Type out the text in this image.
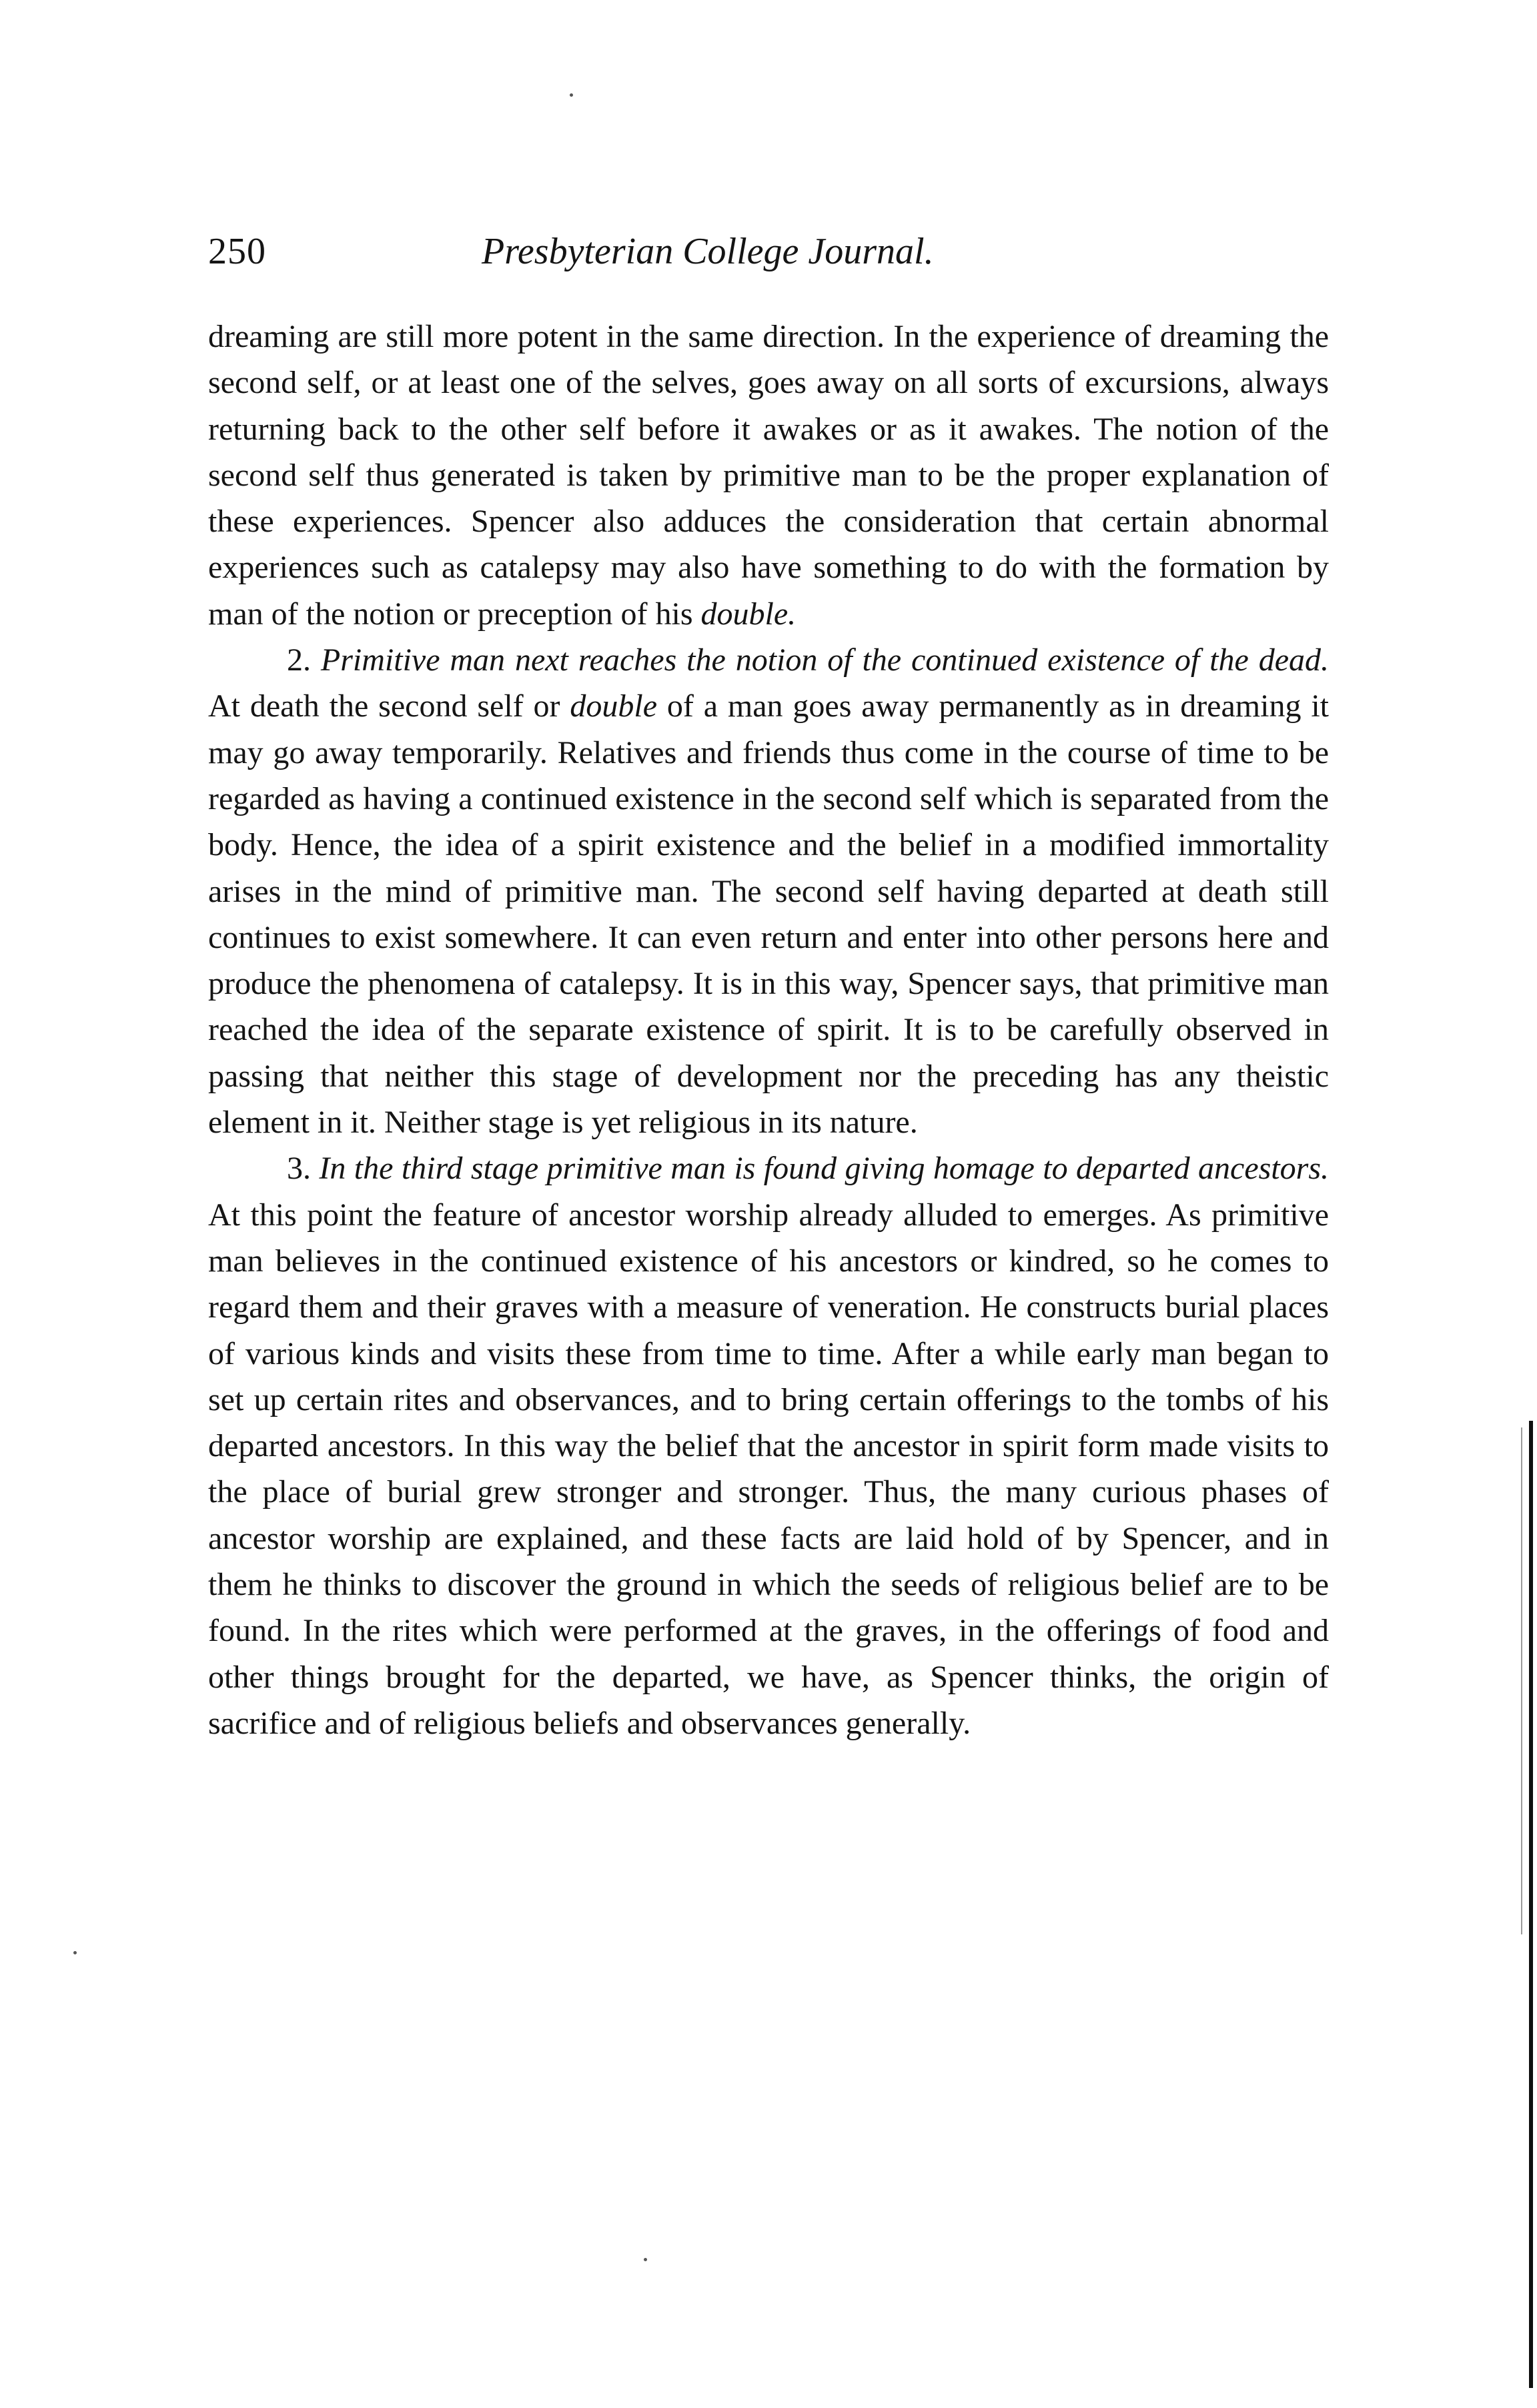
250	Presbyterian College Journal.

dreaming are still more potent in the same direction. In the experience of dreaming the second self, or at least one of the selves, goes away on all sorts of excursions, always returning back to the other self before it awakes or as it awakes. The notion of the second self thus generated is taken by primitive man to be the proper explanation of these experiences. Spencer also adduces the consideration that certain abnormal experiences such as catalepsy may also have something to do with the formation by man of the notion or preception of his double.

2. Primitive man next reaches the notion of the continued existence of the dead. At death the second self or double of a man goes away permanently as in dreaming it may go away temporarily. Relatives and friends thus come in the course of time to be regarded as having a continued existence in the second self which is separated from the body. Hence, the idea of a spirit existence and the belief in a modified immortality arises in the mind of primitive man. The second self having departed at death still continues to exist somewhere. It can even return and enter into other persons here and produce the phenomena of catalepsy. It is in this way, Spencer says, that primitive man reached the idea of the separate existence of spirit. It is to be carefully observed in passing that neither this stage of development nor the preceding has any theistic element in it. Neither stage is yet religious in its nature.

3. In the third stage primitive man is found giving homage to departed ancestors. At this point the feature of ancestor worship already alluded to emerges. As primitive man believes in the continued existence of his ancestors or kindred, so he comes to regard them and their graves with a measure of veneration. He constructs burial places of various kinds and visits these from time to time. After a while early man began to set up certain rites and observances, and to bring certain offerings to the tombs of his departed ancestors. In this way the belief that the ancestor in spirit form made visits to the place of burial grew stronger and stronger. Thus, the many curious phases of ancestor worship are explained, and these facts are laid hold of by Spencer, and in them he thinks to discover the ground in which the seeds of religious belief are to be found. In the rites which were performed at the graves, in the offerings of food and other things brought for the departed, we have, as Spencer thinks, the origin of sacrifice and of religious beliefs and observances generally.
